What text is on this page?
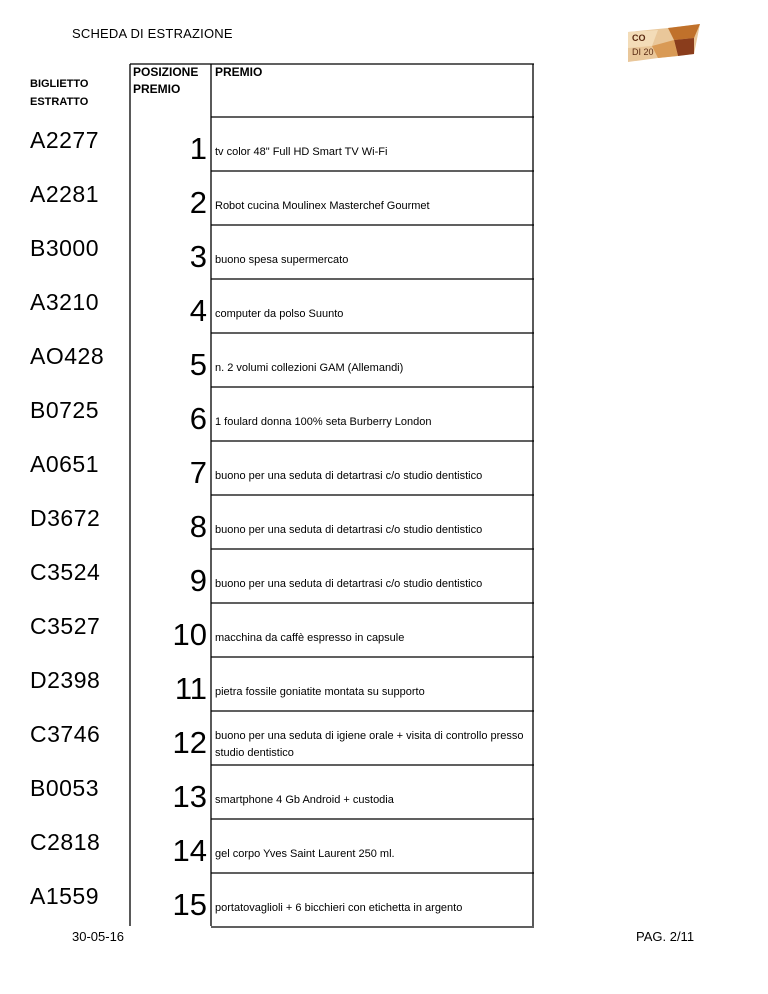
SCHEDA DI ESTRAZIONE	CO
DI 20
BIGLIETTO ESTRATTO
POSIZIONE PREMIO
PREMIO
A2277	1 tv color 48" Full HD Smart TV Wi-Fi
A2281	2 Robot cucina Moulinex Masterchef Gourmet
B3000	3 buono spesa supermercato
A3210	4 computer da polso Suunto
AO428	5 n. 2 volumi collezioni GAM (Allemandi)
B0725	6 1 foulard donna 100% seta Burberry London
A0651	7 buono per una seduta di detartrasi c/o studio dentistico
D3672	8 buono per una seduta di detartrasi c/o studio dentistico
C3524	9 buono per una seduta di detartrasi c/o studio dentistico
C3527	10 macchina da caffè espresso in capsule
D2398	11 pietra fossile goniatite montata su supporto
C3746	12 buono per una seduta di igiene orale + visita di controllo presso studio dentistico
B0053	13 smartphone 4 Gb Android + custodia
C2818	14 gel corpo Yves Saint Laurent 250 ml.
A1559	15 portatovaglioli + 6 bicchieri con etichetta in argento
30-05-16	PAG. 2/11
